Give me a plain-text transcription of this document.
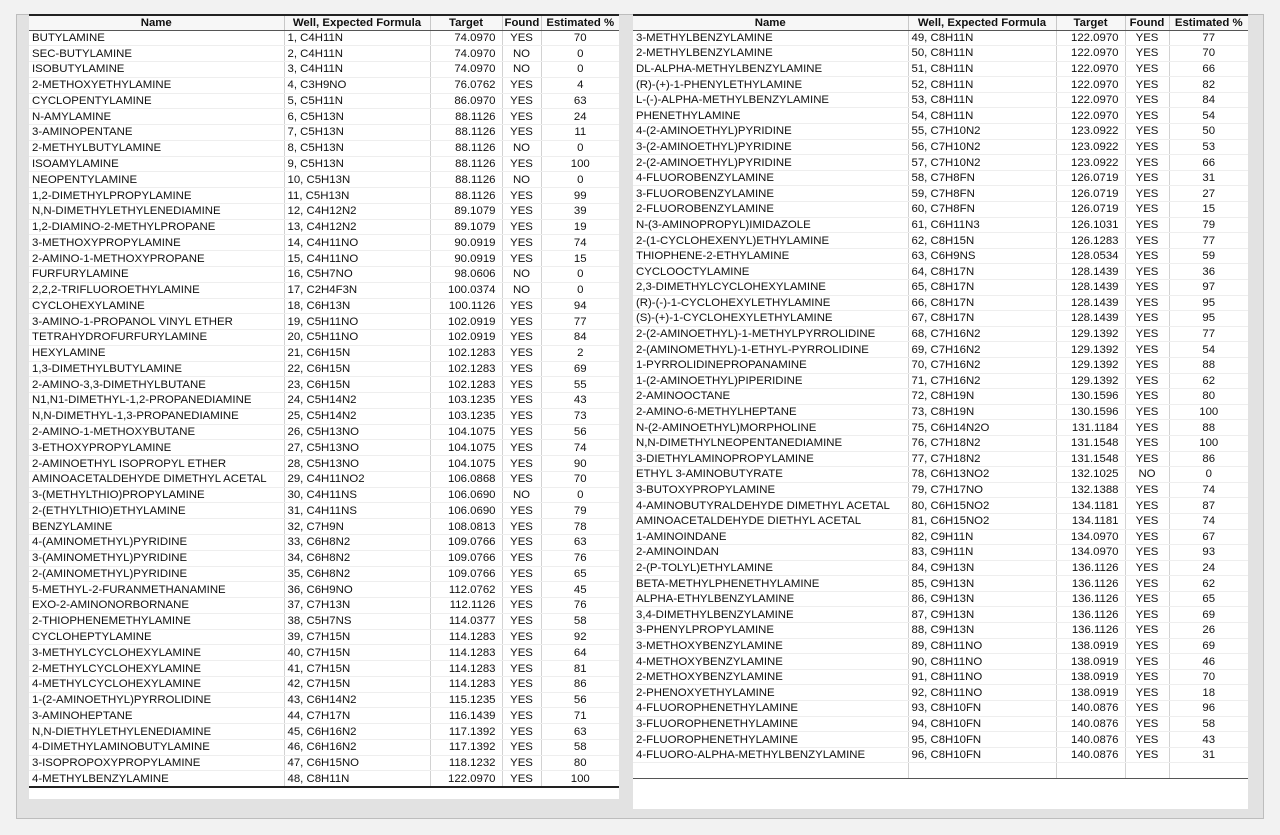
Name	Well, Expected Formula	Target	Found	Estimated %
BUTYLAMINE	1, C4H11N	74.0970	YES	70
SEC-BUTYLAMINE	2, C4H11N	74.0970	NO	0
ISOBUTYLAMINE	3, C4H11N	74.0970	NO	0
2-METHOXYETHYLAMINE	4, C3H9NO	76.0762	YES	4
CYCLOPENTYLAMINE	5, C5H11N	86.0970	YES	63
N-AMYLAMINE	6, C5H13N	88.1126	YES	24
3-AMINOPENTANE	7, C5H13N	88.1126	YES	11
2-METHYLBUTYLAMINE	8, C5H13N	88.1126	NO	0
ISOAMYLAMINE	9, C5H13N	88.1126	YES	100
NEOPENTYLAMINE	10, C5H13N	88.1126	NO	0
1,2-DIMETHYLPROPYLAMINE	11, C5H13N	88.1126	YES	99
N,N-DIMETHYLETHYLENEDIAMINE	12, C4H12N2	89.1079	YES	39
1,2-DIAMINO-2-METHYLPROPANE	13, C4H12N2	89.1079	YES	19
3-METHOXYPROPYLAMINE	14, C4H11NO	90.0919	YES	74
2-AMINO-1-METHOXYPROPANE	15, C4H11NO	90.0919	YES	15
FURFURYLAMINE	16, C5H7NO	98.0606	NO	0
2,2,2-TRIFLUOROETHYLAMINE	17, C2H4F3N	100.0374	NO	0
CYCLOHEXYLAMINE	18, C6H13N	100.1126	YES	94
3-AMINO-1-PROPANOL VINYL ETHER	19, C5H11NO	102.0919	YES	77
TETRAHYDROFURFURYLAMINE	20, C5H11NO	102.0919	YES	84
HEXYLAMINE	21, C6H15N	102.1283	YES	2
1,3-DIMETHYLBUTYLAMINE	22, C6H15N	102.1283	YES	69
2-AMINO-3,3-DIMETHYLBUTANE	23, C6H15N	102.1283	YES	55
N1,N1-DIMETHYL-1,2-PROPANEDIAMINE	24, C5H14N2	103.1235	YES	43
N,N-DIMETHYL-1,3-PROPANEDIAMINE	25, C5H14N2	103.1235	YES	73
2-AMINO-1-METHOXYBUTANE	26, C5H13NO	104.1075	YES	56
3-ETHOXYPROPYLAMINE	27, C5H13NO	104.1075	YES	74
2-AMINOETHYL ISOPROPYL ETHER	28, C5H13NO	104.1075	YES	90
AMINOACETALDEHYDE DIMETHYL ACETAL	29, C4H11NO2	106.0868	YES	70
3-(METHYLTHIO)PROPYLAMINE	30, C4H11NS	106.0690	NO	0
2-(ETHYLTHIO)ETHYLAMINE	31, C4H11NS	106.0690	YES	79
BENZYLAMINE	32, C7H9N	108.0813	YES	78
4-(AMINOMETHYL)PYRIDINE	33, C6H8N2	109.0766	YES	63
3-(AMINOMETHYL)PYRIDINE	34, C6H8N2	109.0766	YES	76
2-(AMINOMETHYL)PYRIDINE	35, C6H8N2	109.0766	YES	65
5-METHYL-2-FURANMETHANAMINE	36, C6H9NO	112.0762	YES	45
EXO-2-AMINONORBORNANE	37, C7H13N	112.1126	YES	76
2-THIOPHENEMETHYLAMINE	38, C5H7NS	114.0377	YES	58
CYCLOHEPTYLAMINE	39, C7H15N	114.1283	YES	92
3-METHYLCYCLOHEXYLAMINE	40, C7H15N	114.1283	YES	64
2-METHYLCYCLOHEXYLAMINE	41, C7H15N	114.1283	YES	81
4-METHYLCYCLOHEXYLAMINE	42, C7H15N	114.1283	YES	86
1-(2-AMINOETHYL)PYRROLIDINE	43, C6H14N2	115.1235	YES	56
3-AMINOHEPTANE	44, C7H17N	116.1439	YES	71
N,N-DIETHYLETHYLENEDIAMINE	45, C6H16N2	117.1392	YES	63
4-DIMETHYLAMINOBUTYLAMINE	46, C6H16N2	117.1392	YES	58
3-ISOPROPOXYPROPYLAMINE	47, C6H15NO	118.1232	YES	80
4-METHYLBENZYLAMINE	48, C8H11N	122.0970	YES	100
Name	Well, Expected Formula	Target	Found	Estimated %
3-METHYLBENZYLAMINE	49, C8H11N	122.0970	YES	77
2-METHYLBENZYLAMINE	50, C8H11N	122.0970	YES	70
DL-ALPHA-METHYLBENZYLAMINE	51, C8H11N	122.0970	YES	66
(R)-(+)-1-PHENYLETHYLAMINE	52, C8H11N	122.0970	YES	82
L-(-)-ALPHA-METHYLBENZYLAMINE	53, C8H11N	122.0970	YES	84
PHENETHYLAMINE	54, C8H11N	122.0970	YES	54
4-(2-AMINOETHYL)PYRIDINE	55, C7H10N2	123.0922	YES	50
3-(2-AMINOETHYL)PYRIDINE	56, C7H10N2	123.0922	YES	53
2-(2-AMINOETHYL)PYRIDINE	57, C7H10N2	123.0922	YES	66
4-FLUOROBENZYLAMINE	58, C7H8FN	126.0719	YES	31
3-FLUOROBENZYLAMINE	59, C7H8FN	126.0719	YES	27
2-FLUOROBENZYLAMINE	60, C7H8FN	126.0719	YES	15
N-(3-AMINOPROPYL)IMIDAZOLE	61, C6H11N3	126.1031	YES	79
2-(1-CYCLOHEXENYL)ETHYLAMINE	62, C8H15N	126.1283	YES	77
THIOPHENE-2-ETHYLAMINE	63, C6H9NS	128.0534	YES	59
CYCLOOCTYLAMINE	64, C8H17N	128.1439	YES	36
2,3-DIMETHYLCYCLOHEXYLAMINE	65, C8H17N	128.1439	YES	97
(R)-(-)-1-CYCLOHEXYLETHYLAMINE	66, C8H17N	128.1439	YES	95
(S)-(+)-1-CYCLOHEXYLETHYLAMINE	67, C8H17N	128.1439	YES	95
2-(2-AMINOETHYL)-1-METHYLPYRROLIDINE	68, C7H16N2	129.1392	YES	77
2-(AMINOMETHYL)-1-ETHYL-PYRROLIDINE	69, C7H16N2	129.1392	YES	54
1-PYRROLIDINEPROPANAMINE	70, C7H16N2	129.1392	YES	88
1-(2-AMINOETHYL)PIPERIDINE	71, C7H16N2	129.1392	YES	62
2-AMINOOCTANE	72, C8H19N	130.1596	YES	80
2-AMINO-6-METHYLHEPTANE	73, C8H19N	130.1596	YES	100
N-(2-AMINOETHYL)MORPHOLINE	75, C6H14N2O	131.1184	YES	88
N,N-DIMETHYLNEOPENTANEDIAMINE	76, C7H18N2	131.1548	YES	100
3-DIETHYLAMINOPROPYLAMINE	77, C7H18N2	131.1548	YES	86
ETHYL 3-AMINOBUTYRATE	78, C6H13NO2	132.1025	NO	0
3-BUTOXYPROPYLAMINE	79, C7H17NO	132.1388	YES	74
4-AMINOBUTYRALDEHYDE DIMETHYL ACETAL	80, C6H15NO2	134.1181	YES	87
AMINOACETALDEHYDE DIETHYL ACETAL	81, C6H15NO2	134.1181	YES	74
1-AMINOINDANE	82, C9H11N	134.0970	YES	67
2-AMINOINDAN	83, C9H11N	134.0970	YES	93
2-(P-TOLYL)ETHYLAMINE	84, C9H13N	136.1126	YES	24
BETA-METHYLPHENETHYLAMINE	85, C9H13N	136.1126	YES	62
ALPHA-ETHYLBENZYLAMINE	86, C9H13N	136.1126	YES	65
3,4-DIMETHYLBENZYLAMINE	87, C9H13N	136.1126	YES	69
3-PHENYLPROPYLAMINE	88, C9H13N	136.1126	YES	26
3-METHOXYBENZYLAMINE	89, C8H11NO	138.0919	YES	69
4-METHOXYBENZYLAMINE	90, C8H11NO	138.0919	YES	46
2-METHOXYBENZYLAMINE	91, C8H11NO	138.0919	YES	70
2-PHENOXYETHYLAMINE	92, C8H11NO	138.0919	YES	18
4-FLUOROPHENETHYLAMINE	93, C8H10FN	140.0876	YES	96
3-FLUOROPHENETHYLAMINE	94, C8H10FN	140.0876	YES	58
2-FLUOROPHENETHYLAMINE	95, C8H10FN	140.0876	YES	43
4-FLUORO-ALPHA-METHYLBENZYLAMINE	96, C8H10FN	140.0876	YES	31
